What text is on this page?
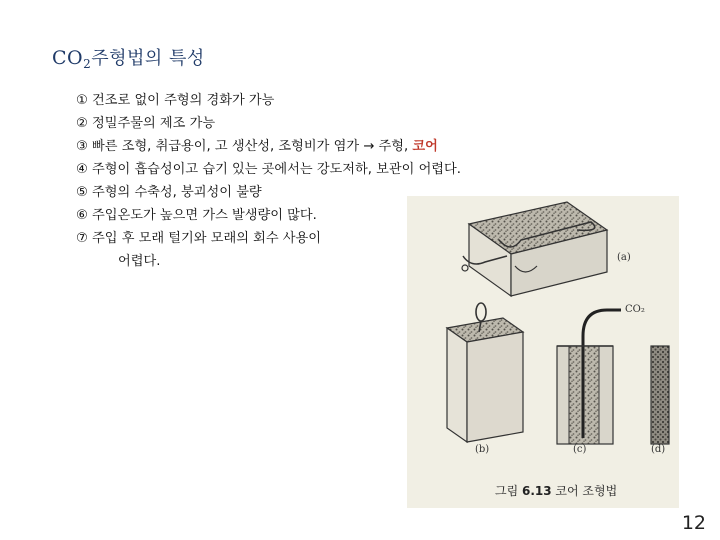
$CO_2$주형법의 특성
① 건조로 없이 주형의 경화가 가능
② 정밀주물의 제조 가능
③ 빠른 조형, 취급용이, 고 생산성, 조형비가 염가 → 주형, 코어
④ 주형이 흡습성이고 습기 있는 곳에서는 강도저하, 보관이 어렵다.
⑤ 주형의 수축성, 붕괴성이 불량
⑥ 주입온도가 높으면 가스 발생량이 많다.
⑦ 주입 후 모래 털기와 모래의 회수 사용이
어렵다.	(a)
CO₂
(b)	(c)	(d)
그림 6.13 코어 조형법
12
